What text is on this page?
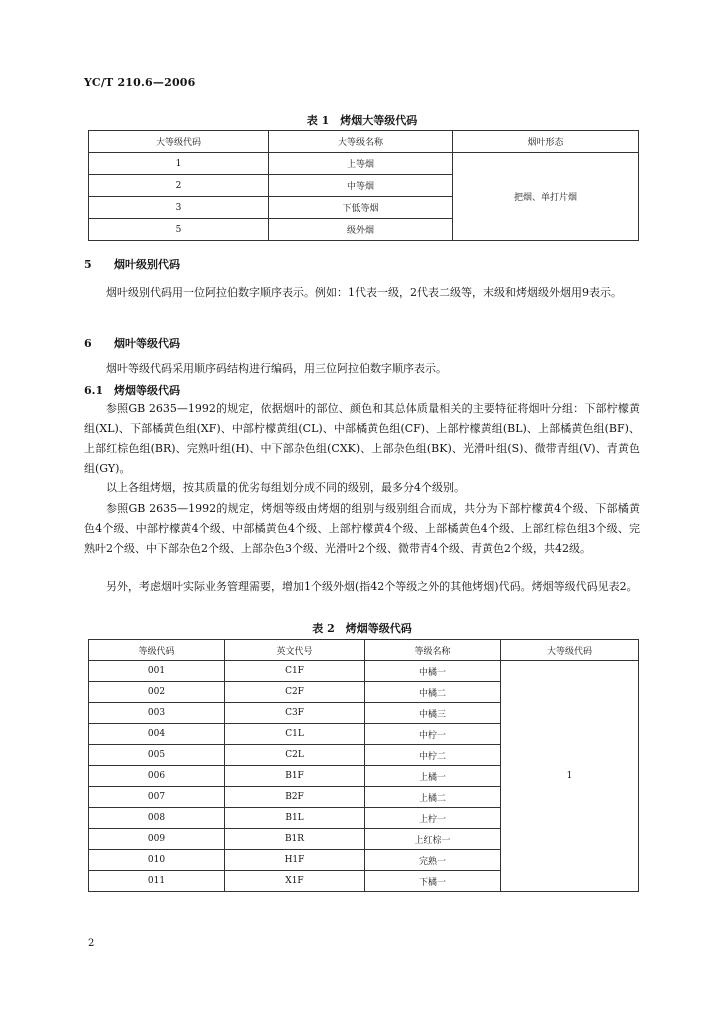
YC/T 210.6—2006
表 1　烤烟大等级代码
大等级代码	大等级名称	烟叶形态
1	上等烟	把烟、单打片烟
2	中等烟	
3	下低等烟	
5	级外烟	
5 烟叶级别代码
烟叶级别代码用一位阿拉伯数字顺序表示。例如：1代表一级，2代表二级等，末级和烤烟级外烟用9表示。
6 烟叶等级代码
烟叶等级代码采用顺序码结构进行编码，用三位阿拉伯数字顺序表示。
6.1 烤烟等级代码
参照GB 2635—1992的规定，依据烟叶的部位、颜色和其总体质量相关的主要特征将烟叶分组：下部柠檬黄组(XL)、下部橘黄色组(XF)、中部柠檬黄组(CL)、中部橘黄色组(CF)、上部柠檬黄组(BL)、上部橘黄色组(BF)、上部红棕色组(BR)、完熟叶组(H)、中下部杂色组(CXK)、上部杂色组(BK)、光滑叶组(S)、微带青组(V)、青黄色组(GY)。
以上各组烤烟，按其质量的优劣每组划分成不同的级别，最多分4个级别。
参照GB 2635—1992的规定，烤烟等级由烤烟的组别与级别组合而成，共分为下部柠檬黄4个级、下部橘黄色4个级、中部柠檬黄4个级、中部橘黄色4个级、上部柠檬黄4个级、上部橘黄色4个级、上部红棕色组3个级、完熟叶2个级、中下部杂色2个级、上部杂色3个级、光滑叶2个级、微带青4个级、青黄色2个级，共42级。
另外，考虑烟叶实际业务管理需要，增加1个级外烟(指42个等级之外的其他烤烟)代码。烤烟等级代码见表2。
表 2　烤烟等级代码
等级代码	英文代号	等级名称	大等级代码
001	C1F	中橘一	1
002	C2F	中橘二	
003	C3F	中橘三	
004	C1L	中柠一	
005	C2L	中柠二	
006	B1F	上橘一	
007	B2F	上橘二	
008	B1L	上柠一	
009	B1R	上红棕一	
010	H1F	完熟一	
011	X1F	下橘一	
2
